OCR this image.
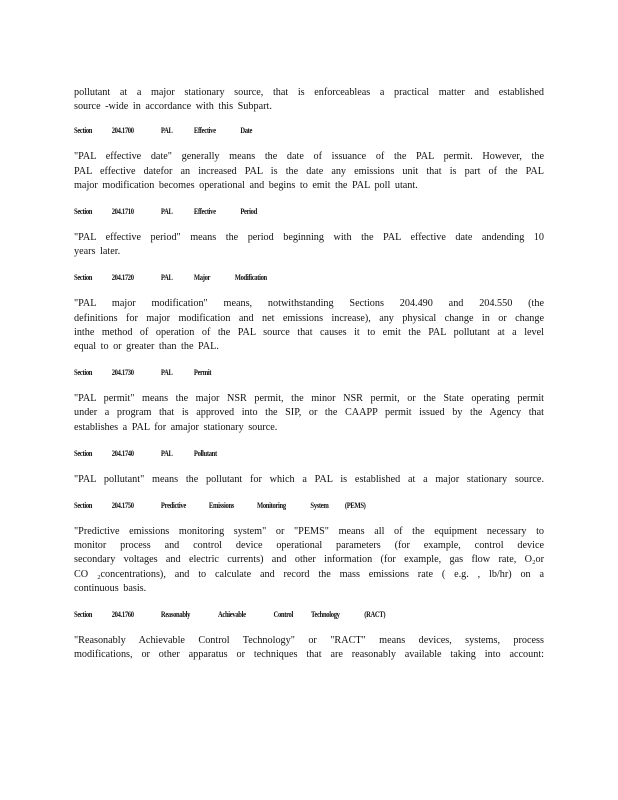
pollutant at a major stationary source, that is enforceableas a practical matter and established
source -wide in accordance with this Subpart.
Section 204.1700	PAL	Effective	Date
"PAL effective date" generally means the date of issuance of the PAL permit. However, the
PAL effective datefor an increased PAL is the date any emissions unit that is part of the PAL
major modification becomes operational and begins to emit the PAL poll utant.
Section 204.1710	PAL	Effective	Period
"PAL effective period" means the period beginning with the PAL effective date andending 10
years later.
Section 204.1720	PAL	Major	Modification
"PAL major modification" means, notwithstanding Sections 204.490 and 204.550 (the
definitions for major modification and net emissions increase), any physical change in or change
inthe method of operation of the PAL source that causes it to emit the PAL pollutant at a level
equal to or greater than the PAL.
Section 204.1730	PAL	Permit
"PAL permit" means the major NSR permit, the minor NSR permit, or the State operating permit
under a program that is approved into the SIP, or the CAAPP permit issued by the Agency that
establishes a PAL for amajor stationary source.
Section 204.1740	PAL	Pollutant
"PAL pollutant" means the pollutant for which a PAL is established at a major stationary source.
Section 204.1750	Predictive	Emissions	Monitoring	System (PEMS)
"Predictive emissions monitoring system" or "PEMS" means all of the equipment necessary to
monitor process and control device operational parameters (for example, control device
secondary voltages and electric currents) and other information (for example, gas flow rate, O₂or
CO ₂concentrations), and to calculate and record the mass emissions rate ( e.g. , lb/hr) on a
continuous basis.
Section 204.1760	Reasonably	Achievable	Control Technology	(RACT)
"Reasonably Achievable Control Technology" or "RACT" means devices, systems, process
modifications, or other apparatus or techniques that are reasonably available taking into account:
